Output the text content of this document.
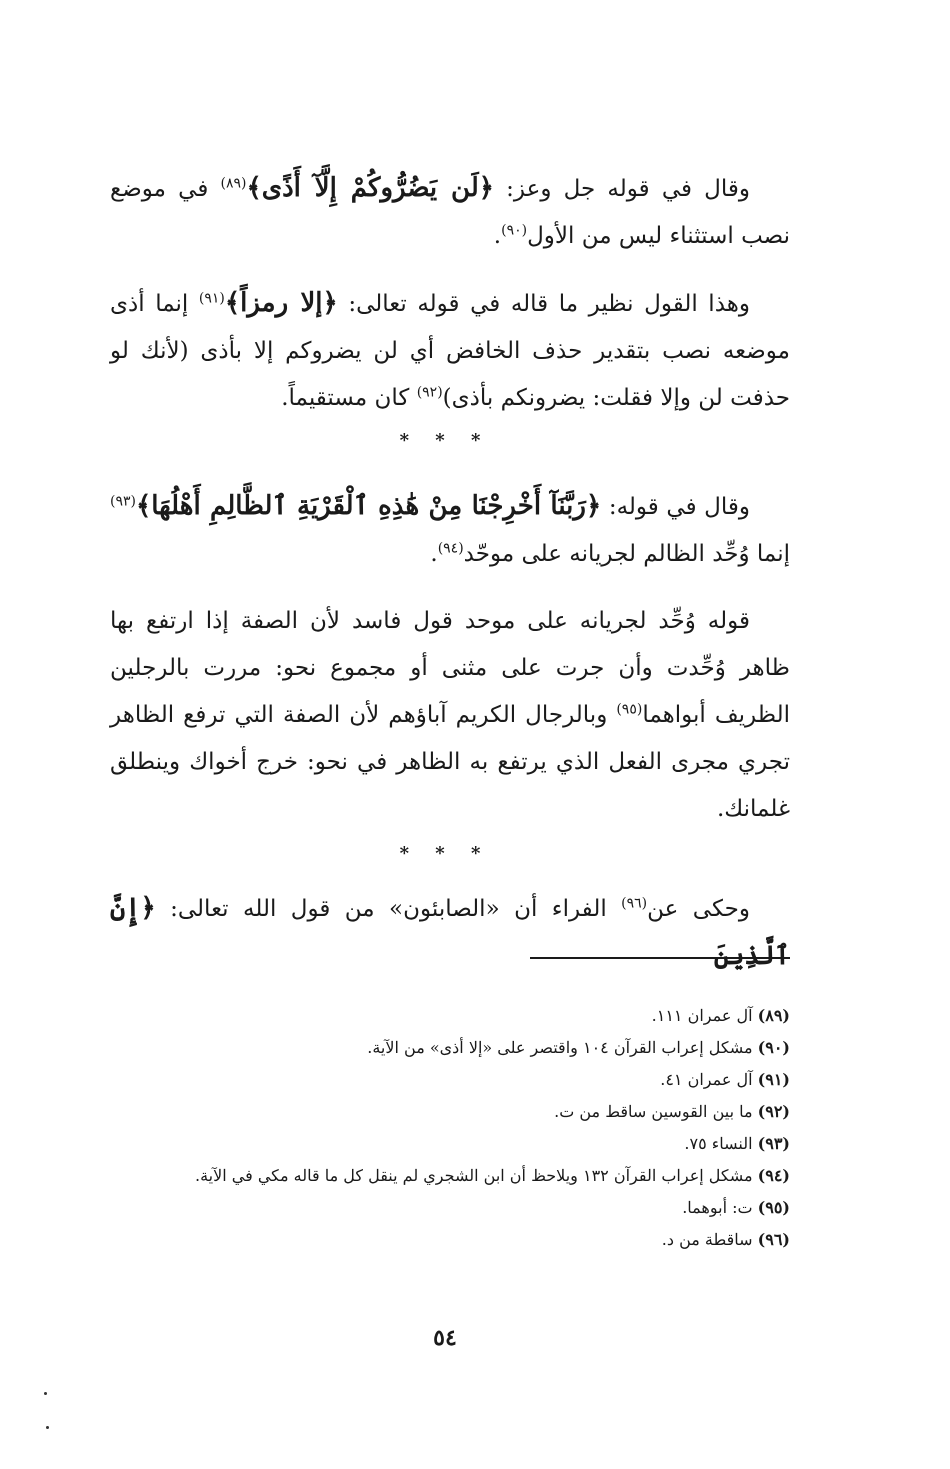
وقال في قوله جل وعز: ﴿لَن يَضُرُّوكُمْ إِلَّآ أَذًى﴾$^{(٨٩)}$ في موضع نصب استثناء ليس من الأول$^{(٩٠)}$.

وهذا القول نظير ما قاله في قوله تعالى: ﴿إلا رمزاً﴾$^{(٩١)}$ إنما أذى موضعه نصب بتقدير حذف الخافض أي لن يضروكم إلا بأذى (لأنك لو حذفت لن وإلا فقلت: يضرونكم بأذى)$^{(٩٢)}$ كان مستقيماً.

* * *

وقال في قوله: ﴿رَبَّنَآ أَخْرِجْنَا مِنْ هَٰذِهِ ٱلْقَرْيَةِ ٱلظَّالِمِ أَهْلُهَا﴾$^{(٩٣)}$ إنما وُحِّد الظالم لجريانه على موحّد$^{(٩٤)}$.

قوله وُحِّد لجريانه على موحد قول فاسد لأن الصفة إذا ارتفع بها ظاهر وُحِّدت وأن جرت على مثنى أو مجموع نحو: مررت بالرجلين الظريف أبواهما$^{(٩٥)}$ وبالرجال الكريم آباؤهم لأن الصفة التي ترفع الظاهر تجري مجرى الفعل الذي يرتفع به الظاهر في نحو: خرج أخواك وينطلق غلمانك.

* * *

وحكى عن$^{(٩٦)}$ الفراء أن «الصابئون» من قول الله تعالى: ﴿إِنَّ ٱلَّذِينَ

(٨٩) آل عمران ١١١.
(٩٠) مشكل إعراب القرآن ١٠٤ واقتصر على «إلا أذى» من الآية.
(٩١) آل عمران ٤١.
(٩٢) ما بين القوسين ساقط من ت.
(٩٣) النساء ٧٥.
(٩٤) مشكل إعراب القرآن ١٣٢ ويلاحظ أن ابن الشجري لم ينقل كل ما قاله مكي في الآية.
(٩٥) ت: أبوهما.
(٩٦) ساقطة من د.

٥٤
